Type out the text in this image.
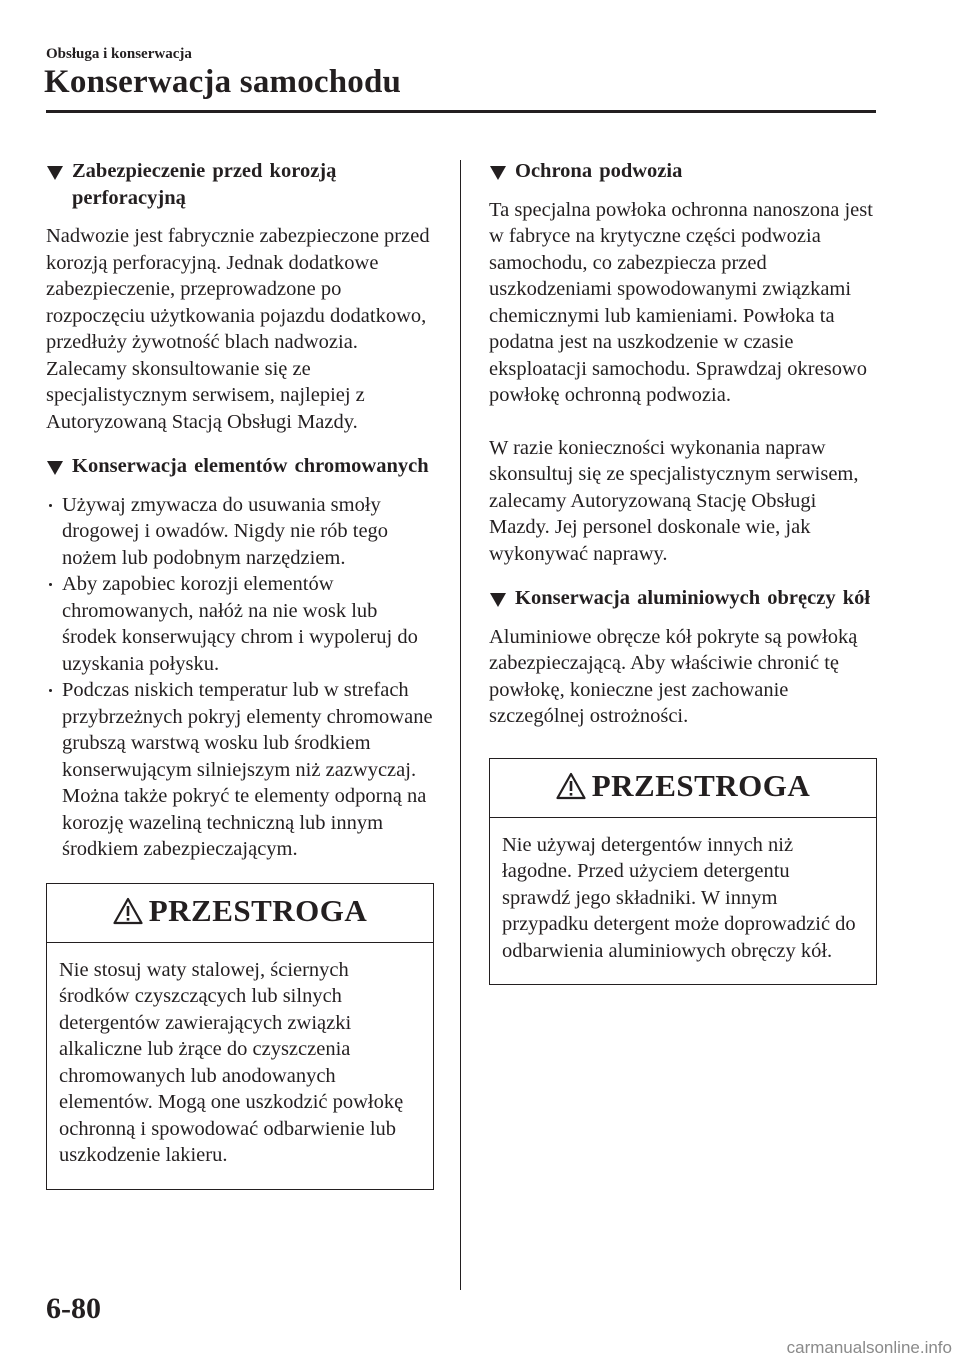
Obsługa i konserwacja
Konserwacja samochodu
Zabezpieczenie przed korozją perforacyjną

Nadwozie jest fabrycznie zabezpieczone przed korozją perforacyjną. Jednak dodatkowe zabezpieczenie, przeprowadzone po rozpoczęciu użytkowania pojazdu dodatkowo, przedłuży żywotność blach nadwozia. Zalecamy skonsultowanie się ze specjalistycznym serwisem, najlepiej z Autoryzowaną Stacją Obsługi Mazdy.

Konserwacja elementów chromowanych
Używaj zmywacza do usuwania smoły drogowej i owadów. Nigdy nie rób tego nożem lub podobnym narzędziem.
Aby zapobiec korozji elementów chromowanych, nałóż na nie wosk lub środek konserwujący chrom i wypoleruj do uzyskania połysku.
Podczas niskich temperatur lub w strefach przybrzeżnych pokryj elementy chromowane grubszą warstwą wosku lub środkiem konserwującym silniejszym niż zazwyczaj. Można także pokryć te elementy odporną na korozję wazeliną techniczną lub innym środkiem zabezpieczającym.
PRZESTROGA
Nie stosuj waty stalowej, ściernych środków czyszczących lub silnych detergentów zawierających związki alkaliczne lub żrące do czyszczenia chromowanych lub anodowanych elementów. Mogą one uszkodzić powłokę ochronną i spowodować odbarwienie lub uszkodzenie lakieru.
Ochrona podwozia

Ta specjalna powłoka ochronna nanoszona jest w fabryce na krytyczne części podwozia samochodu, co zabezpiecza przed uszkodzeniami spowodowanymi związkami chemicznymi lub kamieniami. Powłoka ta podatna jest na uszkodzenie w czasie eksploatacji samochodu. Sprawdzaj okresowo powłokę ochronną podwozia.

W razie konieczności wykonania napraw skonsultuj się ze specjalistycznym serwisem, zalecamy Autoryzowaną Stację Obsługi Mazdy. Jej personel doskonale wie, jak wykonywać naprawy.

Konserwacja aluminiowych obręczy kół

Aluminiowe obręcze kół pokryte są powłoką zabezpieczającą. Aby właściwie chronić tę powłokę, konieczne jest zachowanie szczególnej ostrożności.

PRZESTROGA
Nie używaj detergentów innych niż łagodne. Przed użyciem detergentu sprawdź jego składniki. W innym przypadku detergent może doprowadzić do odbarwienia aluminiowych obręczy kół.
6-80
carmanualsonline.info
